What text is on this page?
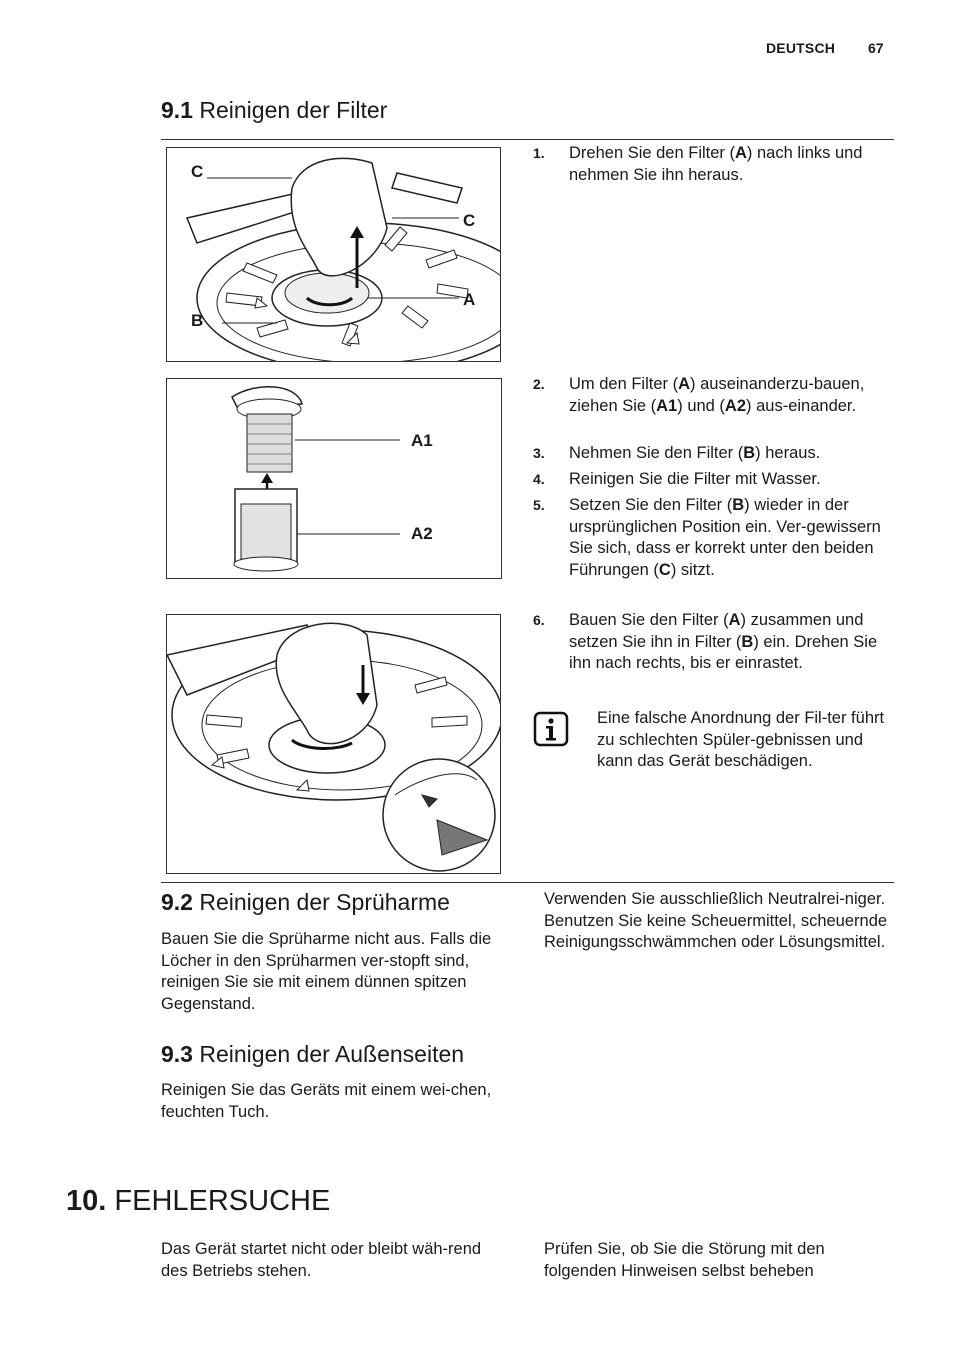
DEUTSCH 67
9.1 Reinigen der Filter
C
C
A
B
A1
A2
1. Drehen Sie den Filter (A) nach links und nehmen Sie ihn heraus.
2. Um den Filter (A) auseinanderzu-bauen, ziehen Sie (A1) und (A2) aus-einander.
3. Nehmen Sie den Filter (B) heraus.
4. Reinigen Sie die Filter mit Wasser.
5. Setzen Sie den Filter (B) wieder in der ursprünglichen Position ein. Ver-gewissern Sie sich, dass er korrekt unter den beiden Führungen (C) sitzt.
6. Bauen Sie den Filter (A) zusammen und setzen Sie ihn in Filter (B) ein. Drehen Sie ihn nach rechts, bis er einrastet.
Eine falsche Anordnung der Fil-ter führt zu schlechten Spüler-gebnissen und kann das Gerät beschädigen.
9.2 Reinigen der Sprüharme
Bauen Sie die Sprüharme nicht aus. Falls die Löcher in den Sprüharmen ver-stopft sind, reinigen Sie sie mit einem dünnen spitzen Gegenstand.
Verwenden Sie ausschließlich Neutralrei-niger. Benutzen Sie keine Scheuermittel, scheuernde Reinigungsschwämmchen oder Lösungsmittel.
9.3 Reinigen der Außenseiten
Reinigen Sie das Geräts mit einem wei-chen, feuchten Tuch.
10. FEHLERSUCHE
Das Gerät startet nicht oder bleibt wäh-rend des Betriebs stehen.
Prüfen Sie, ob Sie die Störung mit den folgenden Hinweisen selbst beheben
